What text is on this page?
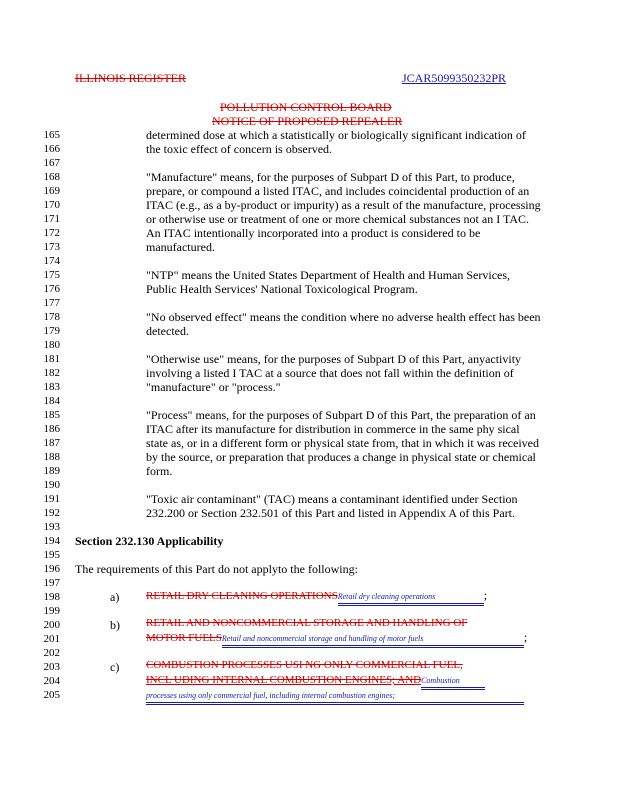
ILLINOIS REGISTER	JCAR5099350232PR
POLLUTION CONTROL BOARD
NOTICE OF PROPOSED REPEALER
165	determined dose at which a statistically or biologically significant indication of
166	the toxic effect of concern is observed.
167
168	"Manufacture" means, for the purposes of Subpart D of this Part, to produce,
169	prepare, or compound a listed ITAC, and includes coincidental production of an
170	ITAC (e.g., as a by-product or impurity) as a result of the manufacture, processing
171	or otherwise use or treatment of one or more chemical substances not an I TAC.
172	An ITAC intentionally incorporated into a product is considered to be
173	manufactured.
174
175	"NTP" means the United States Department of Health and Human Services,
176	Public Health Services' National Toxicological Program.
177
178	"No observed effect" means the condition where no adverse health effect has been
179	detected.
180
181	"Otherwise use" means, for the purposes of Subpart D of this Part, anyactivity
182	involving a listed I TAC at a source that does not fall within the definition of
183	"manufacture" or "process."
184
185	"Process" means, for the purposes of Subpart D of this Part, the preparation of an
186	ITAC after its manufacture for distribution in commerce in the same phy sical
187	state as, or in a different form or physical state from, that in which it was received
188	by the source, or preparation that produces a change in physical state or chemical
189	form.
190
191	"Toxic air contaminant" (TAC) means a contaminant identified under Section
192	232.200 or Section 232.501 of this Part and listed in Appendix A of this Part.
193
194 Section 232.130 Applicability
195
196 The requirements of this Part do not applyto the following:
197
198
199
a) RETAIL DRY CLEANING OPERATIONSRetail dry cleaning operations	;
200
201
202
b) RETAIL AND NONCOMMERCIAL STORAGE AND HANDLING OF
MOTOR FUELSRetail and noncommercial storage and handling of motor fuels	;
203
204
205
c) COMBUSTION PROCESSES USI NG ONLY COMMERCIAL FUEL,
INCL UDING INTERNAL COMBUSTION ENGINES; ANDCombustion
processes using only commercial fuel, including internal combustion engines;
